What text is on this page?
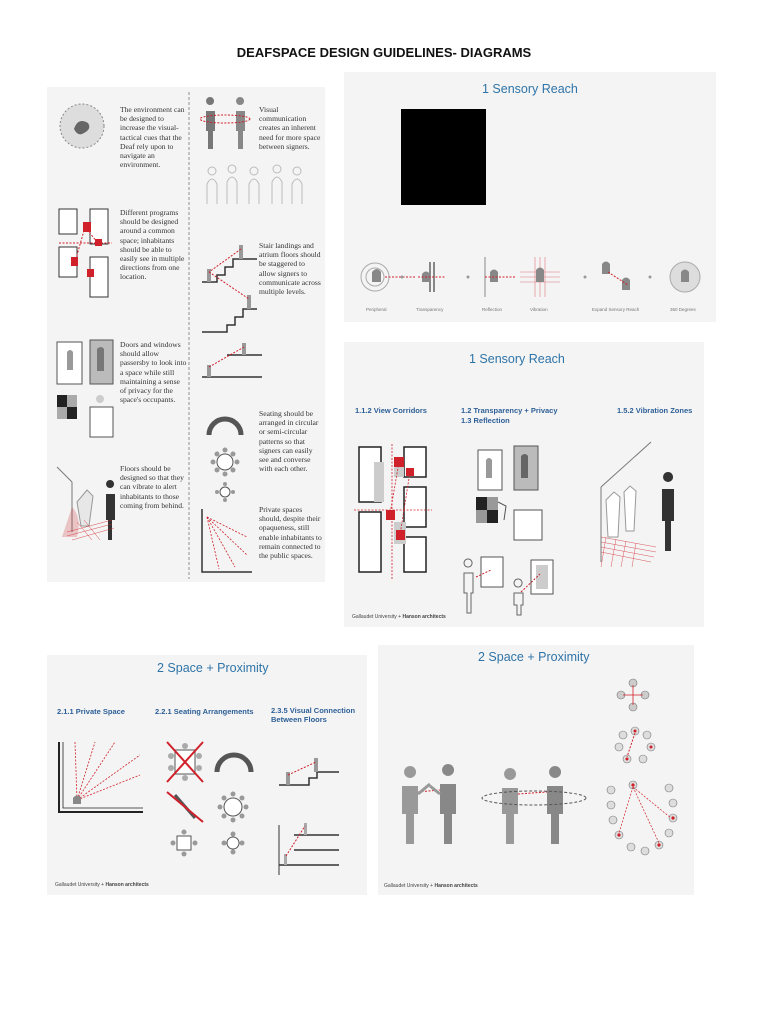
DEAFSPACE DESIGN GUIDELINES- DIAGRAMS
The environment can be designed to increase the visual-tactical cues that the Deaf rely upon to navigate an environment.
Different programs should be designed around a common space; inhabitants should be able to easily see in multiple directions from one location.
Doors and windows should allow passersby to look into a space while still maintaining a sense of privacy for the space's occupants.
Floors should be designed so that they can vibrate to alert inhabitants to those coming from behind.
Visual communication creates an inherent need for more space between signers.
Stair landings and atrium floors should be staggered to allow signers to communicate across multiple levels.
Seating should be arranged in circular or semi-circular patterns so that signers can easily see and converse with each other.
Private spaces should, despite their opaqueness, still enable inhabitants to remain connected to the public spaces.
1 Sensory Reach
Peripheral	Transparency	Reflection	Vibration	Expand Sensory Reach	360 Degrees
1 Sensory Reach
1.1.2 View Corridors	1.2 Transparency + Privacy
1.3 Reflection
1.5.2 Vibration Zones
Gallaudet University + Hanson architects
2 Space + Proximity
2.1.1 Private Space	2.2.1 Seating Arrangements 2.3.5 Visual Connection
Between Floors
Gallaudet University + Hanson architects
2 Space + Proximity
Gallaudet University + Hanson architects
